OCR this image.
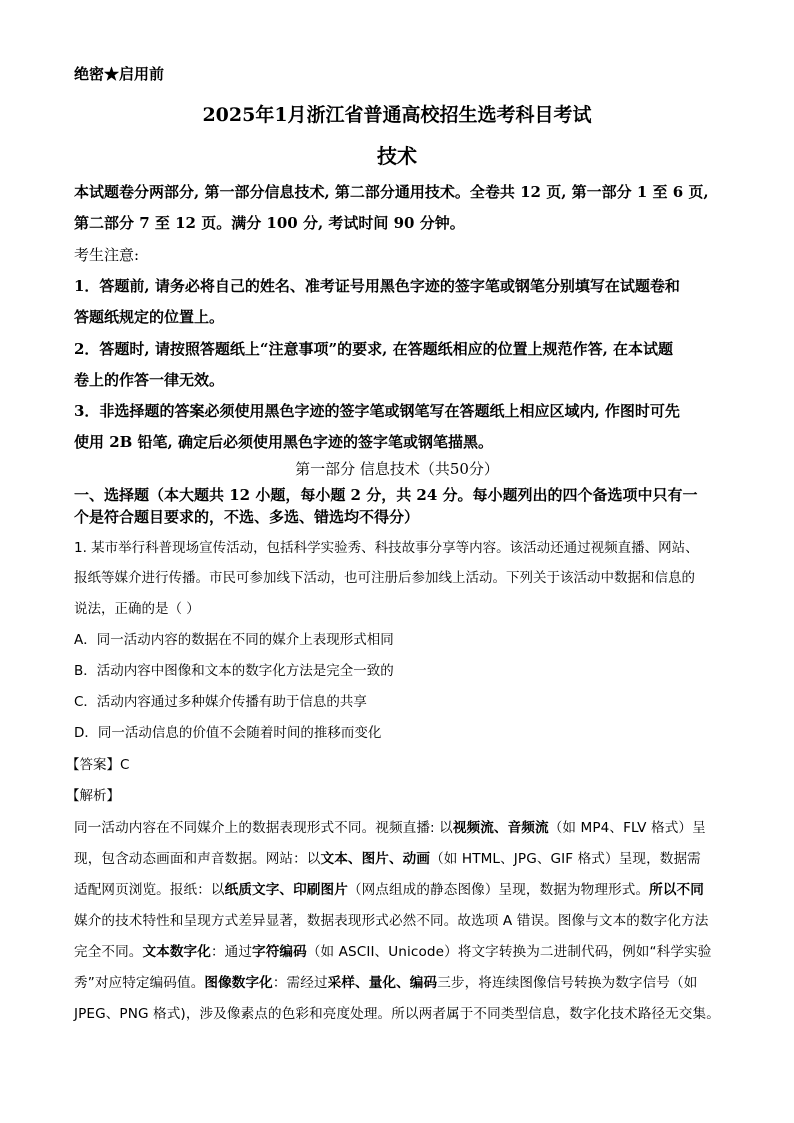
绝密★启用前
2025年1月浙江省普通高校招生选考科目考试
技术
本试题卷分两部分, 第一部分信息技术, 第二部分通用技术。全卷共 12 页, 第一部分 1 至 6 页,
第二部分 7 至 12 页。满分 100 分, 考试时间 90 分钟。
考生注意:
1．答题前, 请务必将自己的姓名、准考证号用黑色字迹的签字笔或钢笔分别填写在试题卷和
答题纸规定的位置上。
2．答题时, 请按照答题纸上“注意事项”的要求, 在答题纸相应的位置上规范作答, 在本试题
卷上的作答一律无效。
3．非选择题的答案必须使用黑色字迹的签字笔或钢笔写在答题纸上相应区域内, 作图时可先
使用 2B 铅笔, 确定后必须使用黑色字迹的签字笔或钢笔描黑。
第一部分 信息技术（共50分）
一、选择题（本大题共 12 小题，每小题 2 分，共 24 分。每小题列出的四个备选项中只有一
个是符合题目要求的，不选、多选、错选均不得分）
1. 某市举行科普现场宣传活动，包括科学实验秀、科技故事分享等内容。该活动还通过视频直播、网站、
报纸等媒介进行传播。市民可参加线下活动，也可注册后参加线上活动。下列关于该活动中数据和信息的
说法，正确的是（ ）
A．同一活动内容的数据在不同的媒介上表现形式相同
B．活动内容中图像和文本的数字化方法是完全一致的
C．活动内容通过多种媒介传播有助于信息的共享
D．同一活动信息的价值不会随着时间的推移而变化
【答案】C
【解析】
同一活动内容在不同媒介上的数据表现形式不同。视频直播: 以视频流、音频流（如 MP4、FLV 格式）呈
现，包含动态画面和声音数据。网站：以文本、图片、动画（如 HTML、JPG、GIF 格式）呈现，数据需
适配网页浏览。报纸：以纸质文字、印刷图片（网点组成的静态图像）呈现，数据为物理形式。所以不同
媒介的技术特性和呈现方式差异显著，数据表现形式必然不同。故选项 A 错误。图像与文本的数字化方法
完全不同。文本数字化：通过字符编码（如 ASCII、Unicode）将文字转换为二进制代码，例如“科学实验
秀”对应特定编码值。图像数字化：需经过采样、量化、编码三步，将连续图像信号转换为数字信号（如
JPEG、PNG 格式)，涉及像素点的色彩和亮度处理。所以两者属于不同类型信息，数字化技术路径无交集。
